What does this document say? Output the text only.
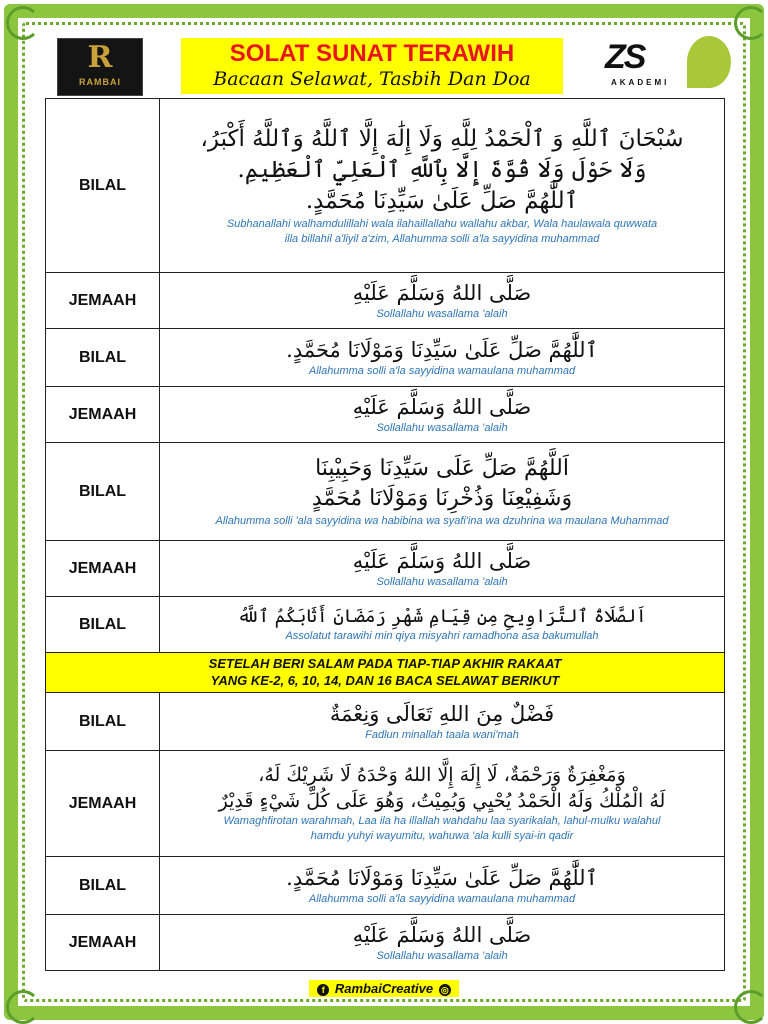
R
RAMBAI
SOLAT SUNAT TERAWIH
Bacaan Selawat, Tasbih Dan Doa
ZS
AKADEMI
BILAL	سُبْحَانَ ٱللَّهِ وَ ٱلْحَمْدُ لِلَّهِ وَلَا إِلَٰهَ إِلَّا ٱللَّهُ وَٱللَّهُ أَكْبَرُ،
وَلَا حَوْلَ وَلَا قُوَّةَ إِلَّا بِٱللَّهِ ٱلْعَلِيِّ ٱلْعَظِيمِ.
ٱللَّٰهُمَّ صَلِّ عَلَىٰ سَيِّدِنَا مُحَمَّدٍ.
Subhanallahi walhamdulillahi wala ilahaillallahu wallahu akbar, Wala haulawala quwwata
illa billahil a'liyil a'zim, Allahumma solli a'la sayyidina muhammad

JEMAAH	صَلَّى اللهُ وَسَلَّمَ عَلَيْهِ
Sollallahu wasallama 'alaih

BILAL	ٱللَّٰهُمَّ صَلِّ عَلَىٰ سَيِّدِنَا وَمَوْلَانَا مُحَمَّدٍ.
Allahumma solli a'la sayyidina wamaulana muhammad

JEMAAH	صَلَّى اللهُ وَسَلَّمَ عَلَيْهِ
Sollallahu wasallama 'alaih

BILAL	اَللَّهُمَّ صَلِّ عَلَى سَيِّدِنَا وَحَبِيْبِنَا
وَشَفِيْعِنَا وَذُخْرِنَا وَمَوْلَانَا مُحَمَّدٍ
Allahumma solli 'ala sayyidina wa habibina wa syafi'ina wa dzuhrina wa maulana Muhammad

JEMAAH	صَلَّى اللهُ وَسَلَّمَ عَلَيْهِ
Sollallahu wasallama 'alaih

BILAL	اَلصَّلَاةُ ٱلتَّرَاوِيحِ مِن قِيَامِ شَهْرِ رَمَضَانَ أَثَابَكُمُ ٱللَّهُ
Assolatut tarawihi min qiya misyahri ramadhona asa bakumullah

SETELAH BERI SALAM PADA TIAP-TIAP AKHIR RAKAAT
YANG KE-2, 6, 10, 14, DAN 16 BACA SELAWAT BERIKUT	

BILAL	فَضْلٌ مِنَ اللهِ تَعَالَى وَنِعْمَةٌ
Fadlun minallah taala wani'mah

JEMAAH	وَمَغْفِرَةٌ وَرَحْمَةٌ، لَا إِلَهَ إِلَّا اللهُ وَحْدَهُ لَا شَرِيْكَ لَهُ،
لَهُ الْمُلْكُ وَلَهُ الْحَمْدُ يُحْيِي وَيُمِيْتُ، وَهُوَ عَلَى كُلِّ شَيْءٍ قَدِيْرٌ
Wamaghfirotan warahmah, Laa ila ha illallah wahdahu laa syarikalah, lahul-mulku walahul
hamdu yuhyi wayumitu, wahuwa 'ala kulli syai-in qadir

BILAL	ٱللَّٰهُمَّ صَلِّ عَلَىٰ سَيِّدِنَا وَمَوْلَانَا مُحَمَّدٍ.
Allahumma solli a'la sayyidina wamaulana muhammad

JEMAAH	صَلَّى اللهُ وَسَلَّمَ عَلَيْهِ
Sollallahu wasallama 'alaih
f RambaiCreative ◎
